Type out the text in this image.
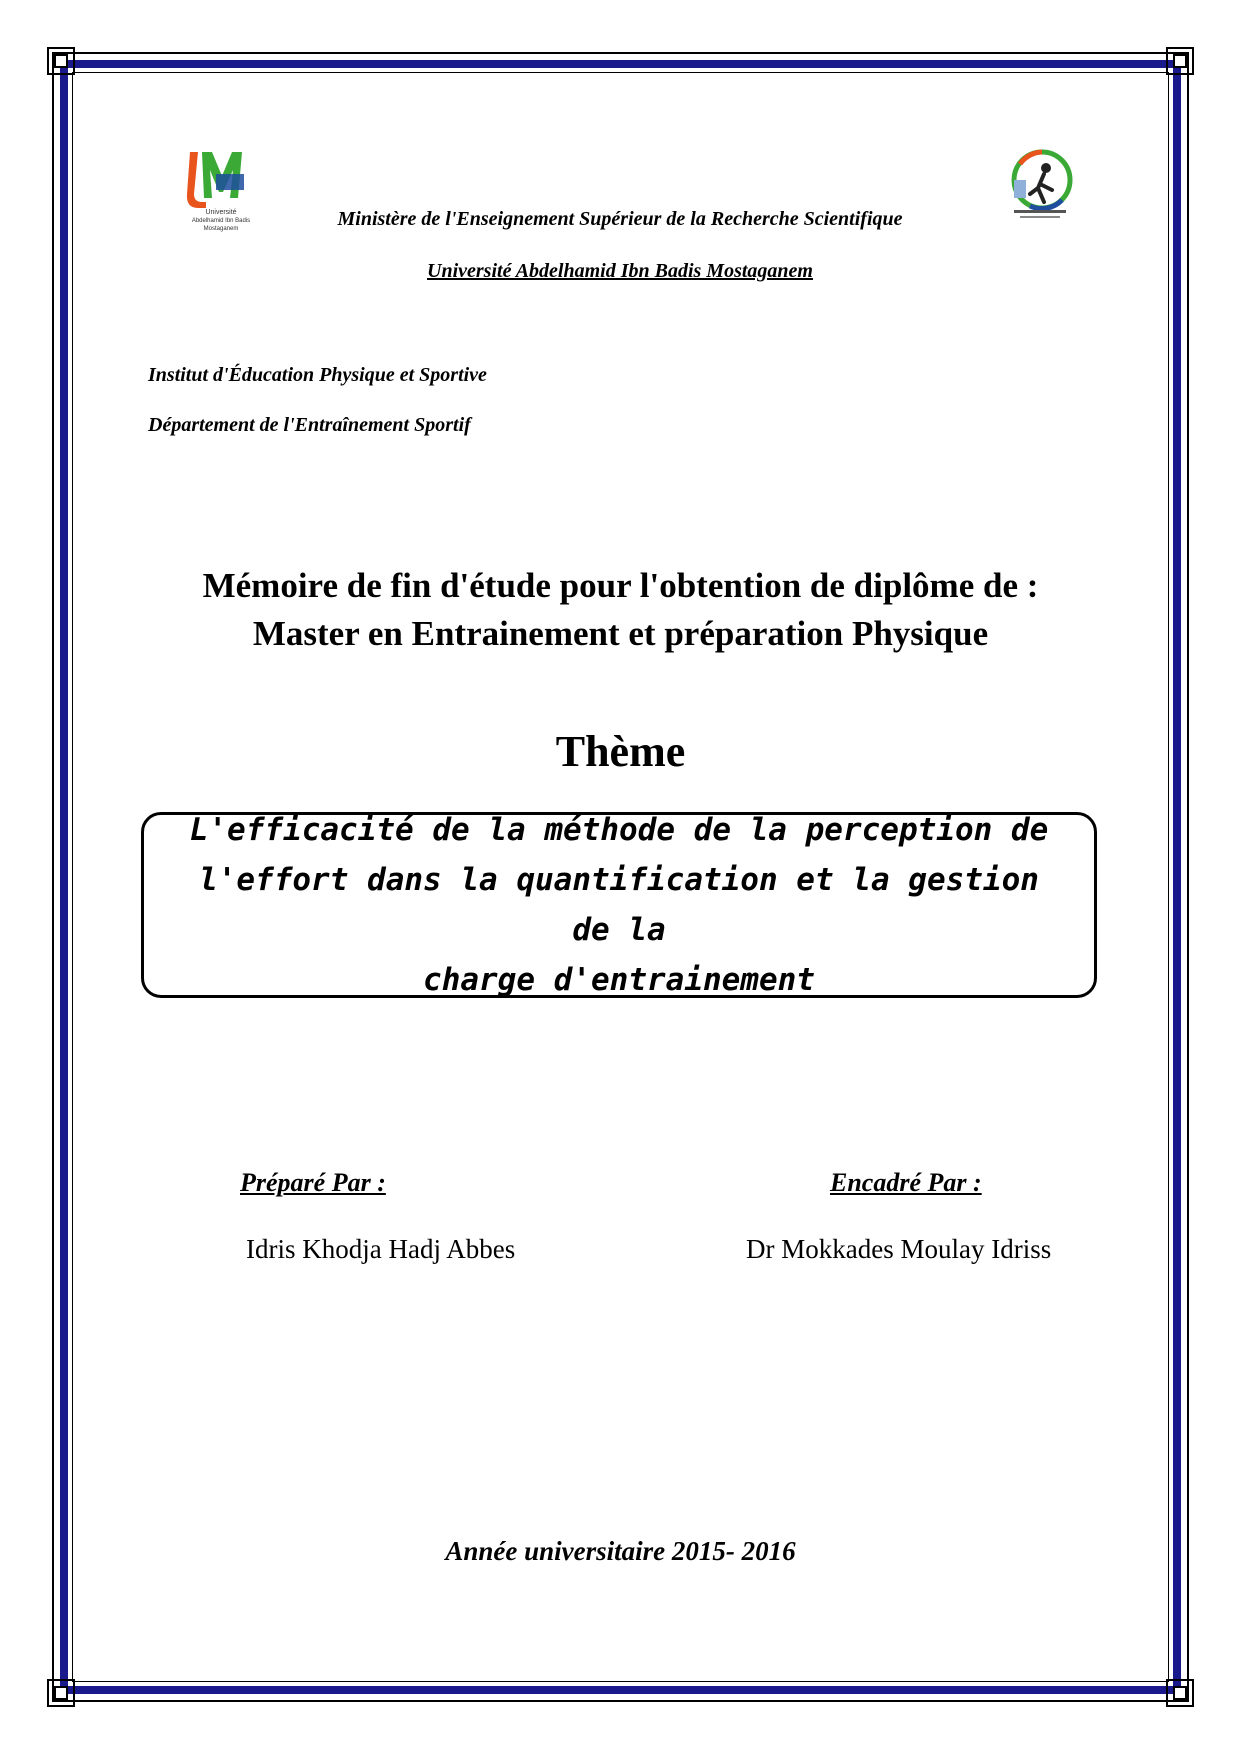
Université
Abdelhamid Ibn Badis
Mostaganem	Ministère de l'Enseignement Supérieur de la Recherche Scientifique
Université Abdelhamid Ibn Badis Mostaganem
Institut d'Éducation Physique et Sportive
Département de l'Entraînement Sportif
Mémoire de fin d'étude pour l'obtention de diplôme de :
Master en Entrainement et préparation Physique
Thème
L'efficacité de la méthode de la perception de
l'effort dans la quantification et la gestion de la
charge d'entrainement
Préparé Par :	Encadré Par :
Idris Khodja Hadj Abbes	Dr Mokkades Moulay Idriss
Année universitaire 2015- 2016
